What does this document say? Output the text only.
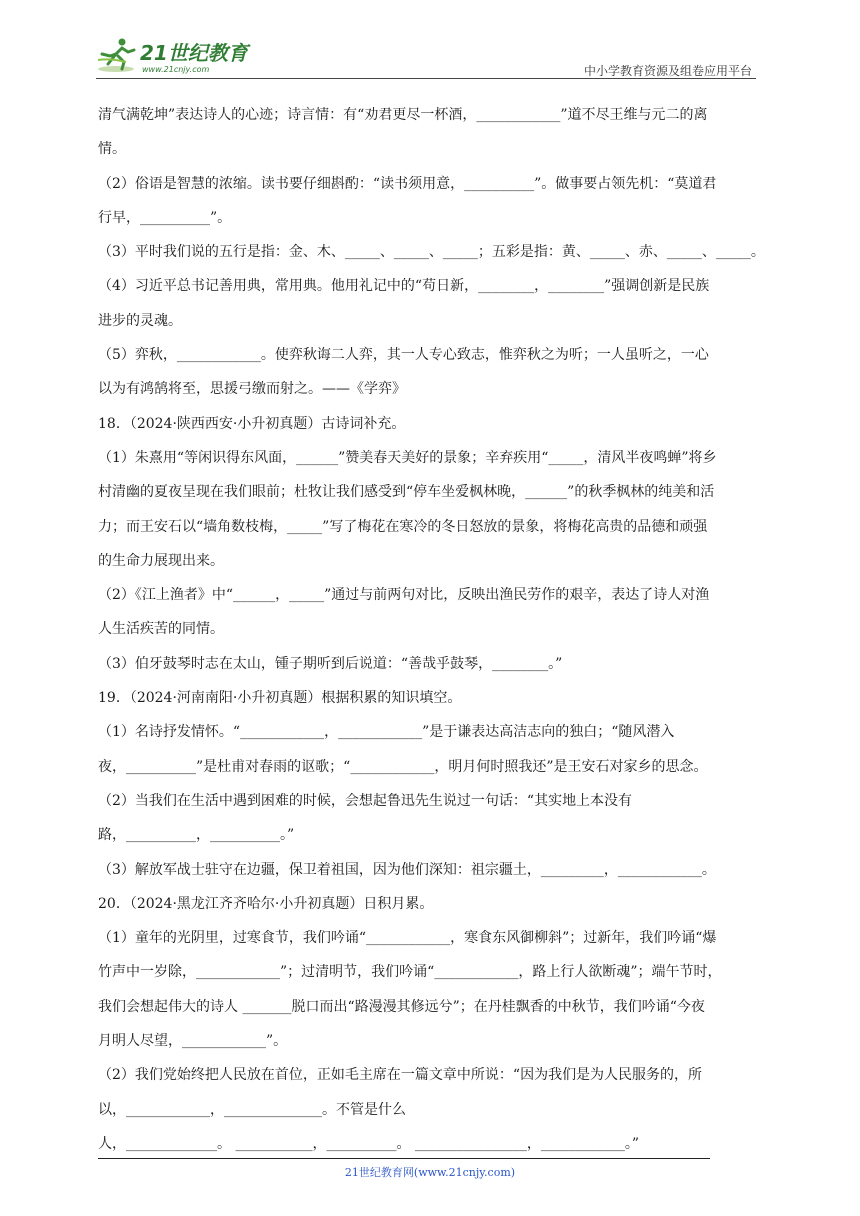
21世纪教育
www.21cnjy.com	中小学教育资源及组卷应用平台
清气满乾坤”表达诗人的心迹；诗言情：有“劝君更尽一杯酒，____________”道不尽王维与元二的离
情。
（2）俗语是智慧的浓缩。读书要仔细斟酌：“读书须用意，__________”。做事要占领先机：“莫道君
行早，__________”。
（3）平时我们说的五行是指：金、木、_____、_____、_____；五彩是指：黄、_____、赤、_____、_____。
（4）习近平总书记善用典，常用典。他用礼记中的“苟日新，________，________”强调创新是民族
进步的灵魂。
（5）弈秋，____________。使弈秋诲二人弈，其一人专心致志，惟弈秋之为听；一人虽听之，一心
以为有鸿鹄将至，思援弓缴而射之。——《学弈》
18．（2024·陕西西安·小升初真题）古诗词补充。
（1）朱熹用“等闲识得东风面，______”赞美春天美好的景象；辛弃疾用“_____，清风半夜鸣蝉”将乡
村清幽的夏夜呈现在我们眼前；杜牧让我们感受到“停车坐爱枫林晚，______”的秋季枫林的纯美和活
力；而王安石以“墙角数枝梅，_____”写了梅花在寒冷的冬日怒放的景象，将梅花高贵的品德和顽强
的生命力展现出来。
（2）《江上渔者》中“______，_____”通过与前两句对比，反映出渔民劳作的艰辛，表达了诗人对渔
人生活疾苦的同情。
（3）伯牙鼓琴时志在太山，锺子期听到后说道：“善哉乎鼓琴，________。”
19．（2024·河南南阳·小升初真题）根据积累的知识填空。
（1）名诗抒发情怀。“____________，____________”是于谦表达高洁志向的独白；“随风潜入
夜，__________”是杜甫对春雨的讴歌；“____________，明月何时照我还”是王安石对家乡的思念。
（2）当我们在生活中遇到困难的时候，会想起鲁迅先生说过一句话：“其实地上本没有
路，__________，__________。”
（3）解放军战士驻守在边疆，保卫着祖国，因为他们深知：祖宗疆土，_________，____________。
20．（2024·黑龙江齐齐哈尔·小升初真题）日积月累。
（1）童年的光阴里，过寒食节，我们吟诵“____________，寒食东风御柳斜”；过新年，我们吟诵“爆
竹声中一岁除，____________”；过清明节，我们吟诵“____________，路上行人欲断魂”；端午节时，
我们会想起伟大的诗人 _______脱口而出“路漫漫其修远兮”；在丹桂飘香的中秋节，我们吟诵“今夜
月明人尽望，____________”。
（2）我们党始终把人民放在首位，正如毛主席在一篇文章中所说：“因为我们是为人民服务的，所
以，____________，______________。不管是什么
人，_____________。 ___________，__________。 ________________，____________。”
21世纪教育网(www.21cnjy.com)
